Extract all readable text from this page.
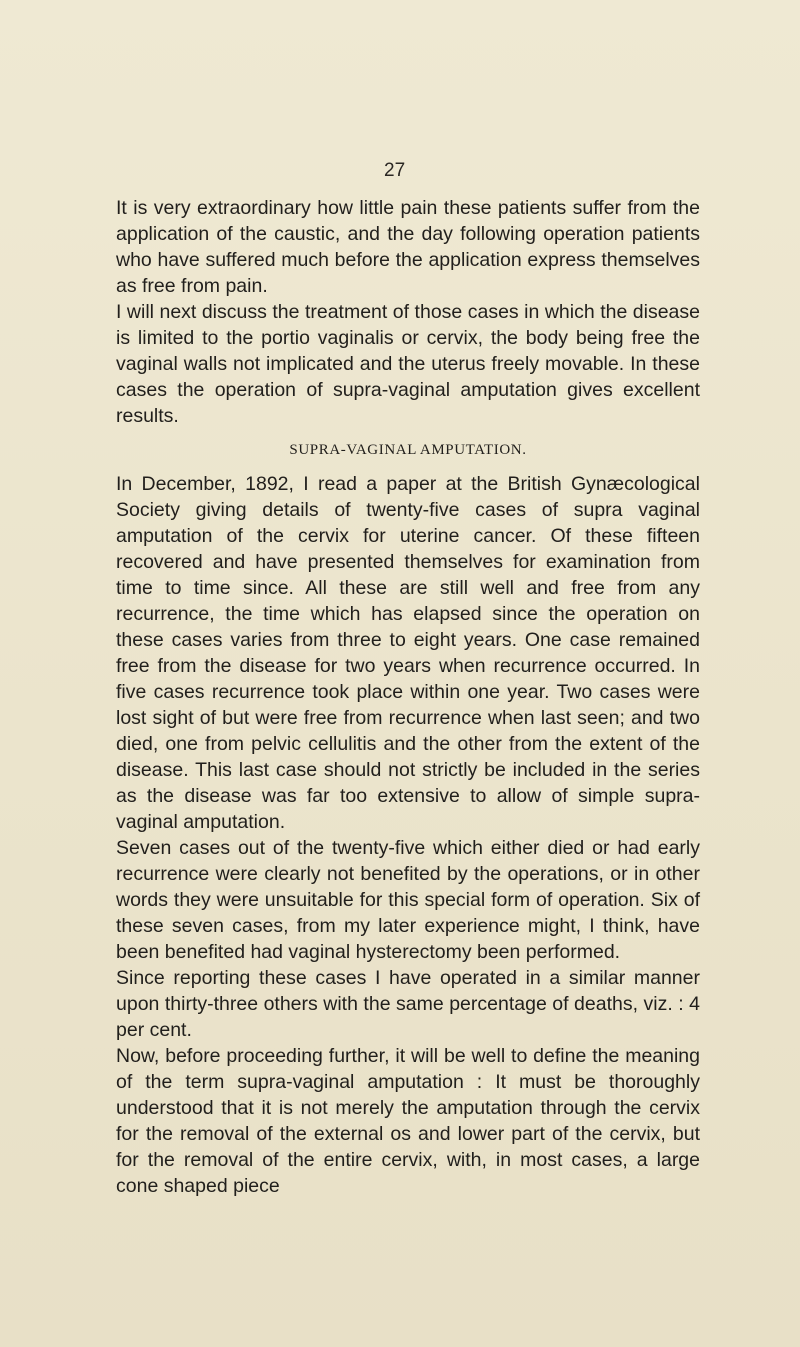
27

It is very extraordinary how little pain these patients suffer from the application of the caustic, and the day following operation patients who have suffered much before the application express themselves as free from pain.

I will next discuss the treatment of those cases in which the disease is limited to the portio vaginalis or cervix, the body being free the vaginal walls not implicated and the uterus freely movable. In these cases the operation of supra-vaginal amputation gives excellent results.

SUPRA-VAGINAL AMPUTATION.

In December, 1892, I read a paper at the British Gynæcological Society giving details of twenty-five cases of supra vaginal amputation of the cervix for uterine cancer. Of these fifteen recovered and have presented themselves for examination from time to time since. All these are still well and free from any recurrence, the time which has elapsed since the operation on these cases varies from three to eight years. One case remained free from the disease for two years when recurrence occurred. In five cases recurrence took place within one year. Two cases were lost sight of but were free from recurrence when last seen; and two died, one from pelvic cellulitis and the other from the extent of the disease. This last case should not strictly be included in the series as the disease was far too extensive to allow of simple supra-vaginal amputation.

Seven cases out of the twenty-five which either died or had early recurrence were clearly not benefited by the operations, or in other words they were unsuitable for this special form of operation. Six of these seven cases, from my later experience might, I think, have been benefited had vaginal hysterectomy been performed.

Since reporting these cases I have operated in a similar manner upon thirty-three others with the same percentage of deaths, viz. : 4 per cent.

Now, before proceeding further, it will be well to define the meaning of the term supra-vaginal amputation : It must be thoroughly understood that it is not merely the amputation through the cervix for the removal of the external os and lower part of the cervix, but for the removal of the entire cervix, with, in most cases, a large cone shaped piece
